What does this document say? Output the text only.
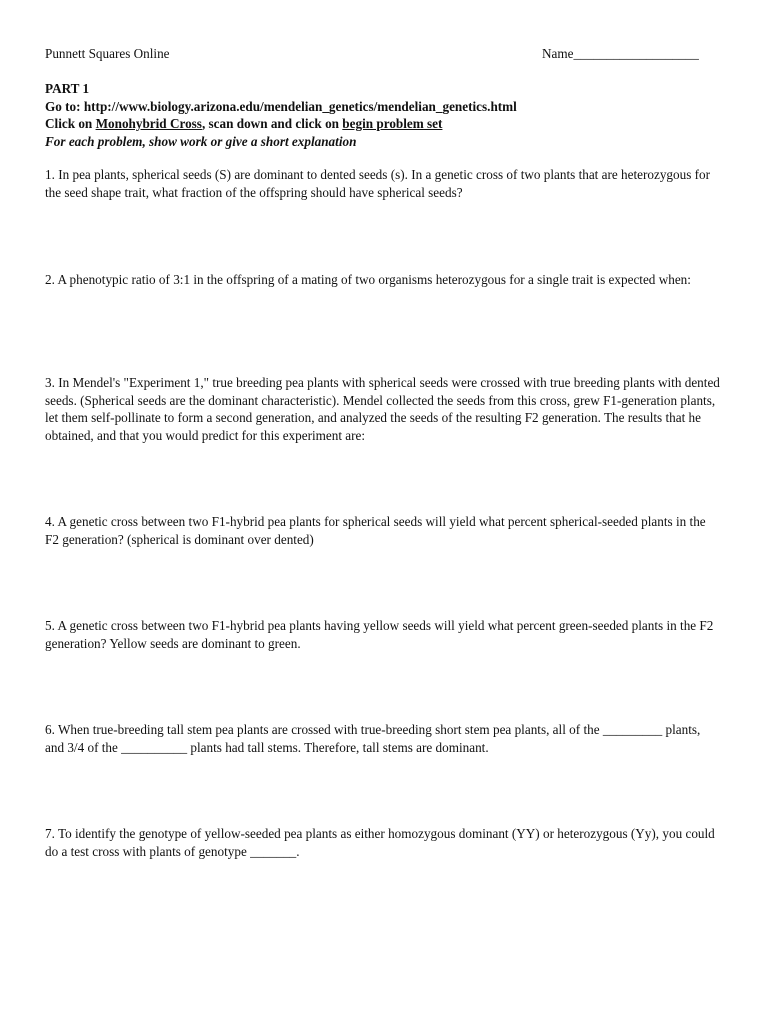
Punnett Squares Online	Name___________________
PART 1
Go to: http://www.biology.arizona.edu/mendelian_genetics/mendelian_genetics.html
Click on Monohybrid Cross, scan down and click on begin problem set
For each problem, show work or give a short explanation

1. In pea plants, spherical seeds (S) are dominant to dented seeds (s). In a genetic cross of two plants that are heterozygous for the seed shape trait, what fraction of the offspring should have spherical seeds?

2. A phenotypic ratio of 3:1 in the offspring of a mating of two organisms heterozygous for a single trait is expected when:

3. In Mendel's "Experiment 1," true breeding pea plants with spherical seeds were crossed with true breeding plants with dented seeds. (Spherical seeds are the dominant characteristic). Mendel collected the seeds from this cross, grew F1-generation plants, let them self-pollinate to form a second generation, and analyzed the seeds of the resulting F2 generation. The results that he obtained, and that you would predict for this experiment are:

4. A genetic cross between two F1-hybrid pea plants for spherical seeds will yield what percent spherical-seeded plants in the F2 generation? (spherical is dominant over dented)

5. A genetic cross between two F1-hybrid pea plants having yellow seeds will yield what percent green-seeded plants in the F2 generation? Yellow seeds are dominant to green.

6. When true-breeding tall stem pea plants are crossed with true-breeding short stem pea plants, all of the _________ plants, and 3/4 of the __________ plants had tall stems. Therefore, tall stems are dominant.

7. To identify the genotype of yellow-seeded pea plants as either homozygous dominant (YY) or heterozygous (Yy), you could do a test cross with plants of genotype _______.
